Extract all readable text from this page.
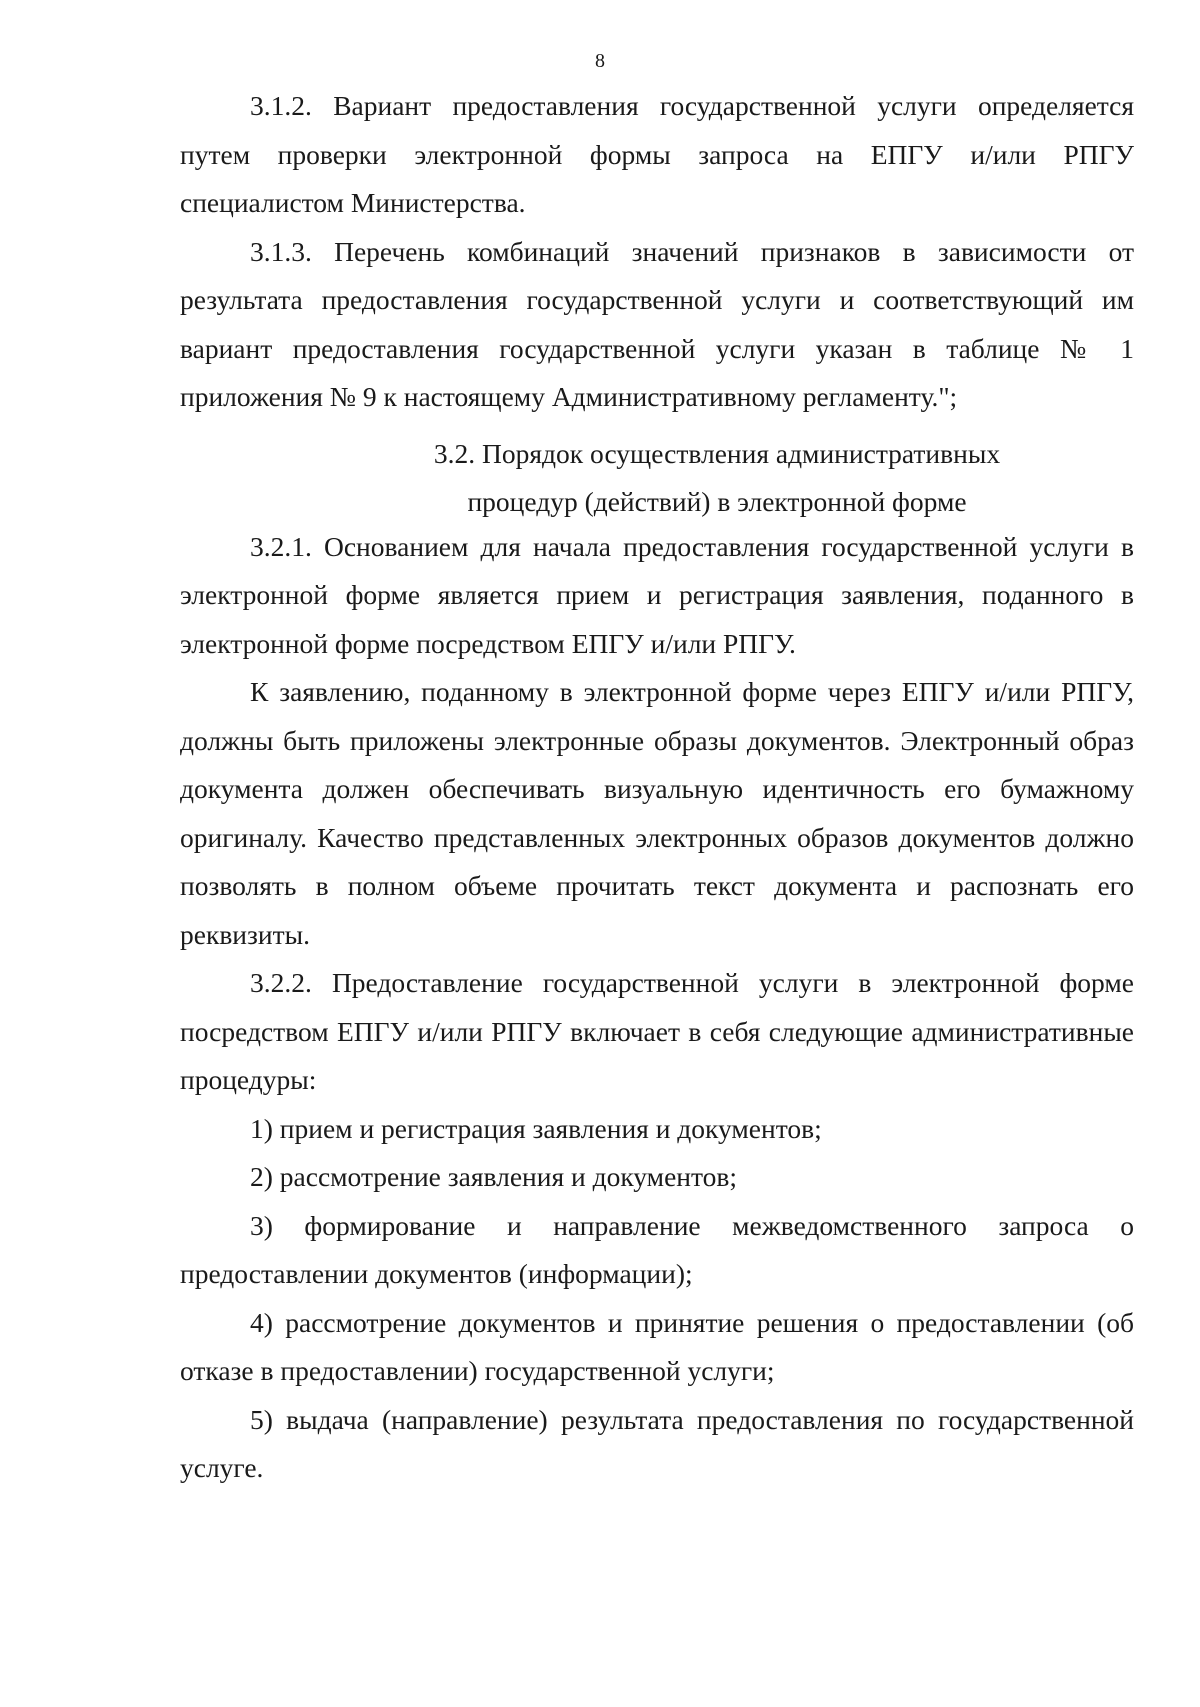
8

3.1.2. Вариант предоставления государственной услуги определяется путем проверки электронной формы запроса на ЕПГУ и/или РПГУ специалистом Министерства.

3.1.3. Перечень комбинаций значений признаков в зависимости от результата предоставления государственной услуги и соответствующий им вариант предоставления государственной услуги указан в таблице № 1 приложения № 9 к настоящему Административному регламенту.";

3.2. Порядок осуществления административных

процедур (действий) в электронной форме

3.2.1. Основанием для начала предоставления государственной услуги в электронной форме является прием и регистрация заявления, поданного в электронной форме посредством ЕПГУ и/или РПГУ.

К заявлению, поданному в электронной форме через ЕПГУ и/или РПГУ, должны быть приложены электронные образы документов. Электронный образ документа должен обеспечивать визуальную идентичность его бумажному оригиналу. Качество представленных электронных образов документов должно позволять в полном объеме прочитать текст документа и распознать его реквизиты.

3.2.2. Предоставление государственной услуги в электронной форме посредством ЕПГУ и/или РПГУ включает в себя следующие административные процедуры:

1) прием и регистрация заявления и документов;

2) рассмотрение заявления и документов;

3) формирование и направление межведомственного запроса о предоставлении документов (информации);

4) рассмотрение документов и принятие решения о предоставлении (об отказе в предоставлении) государственной услуги;

5) выдача (направление) результата предоставления по государственной услуге.
